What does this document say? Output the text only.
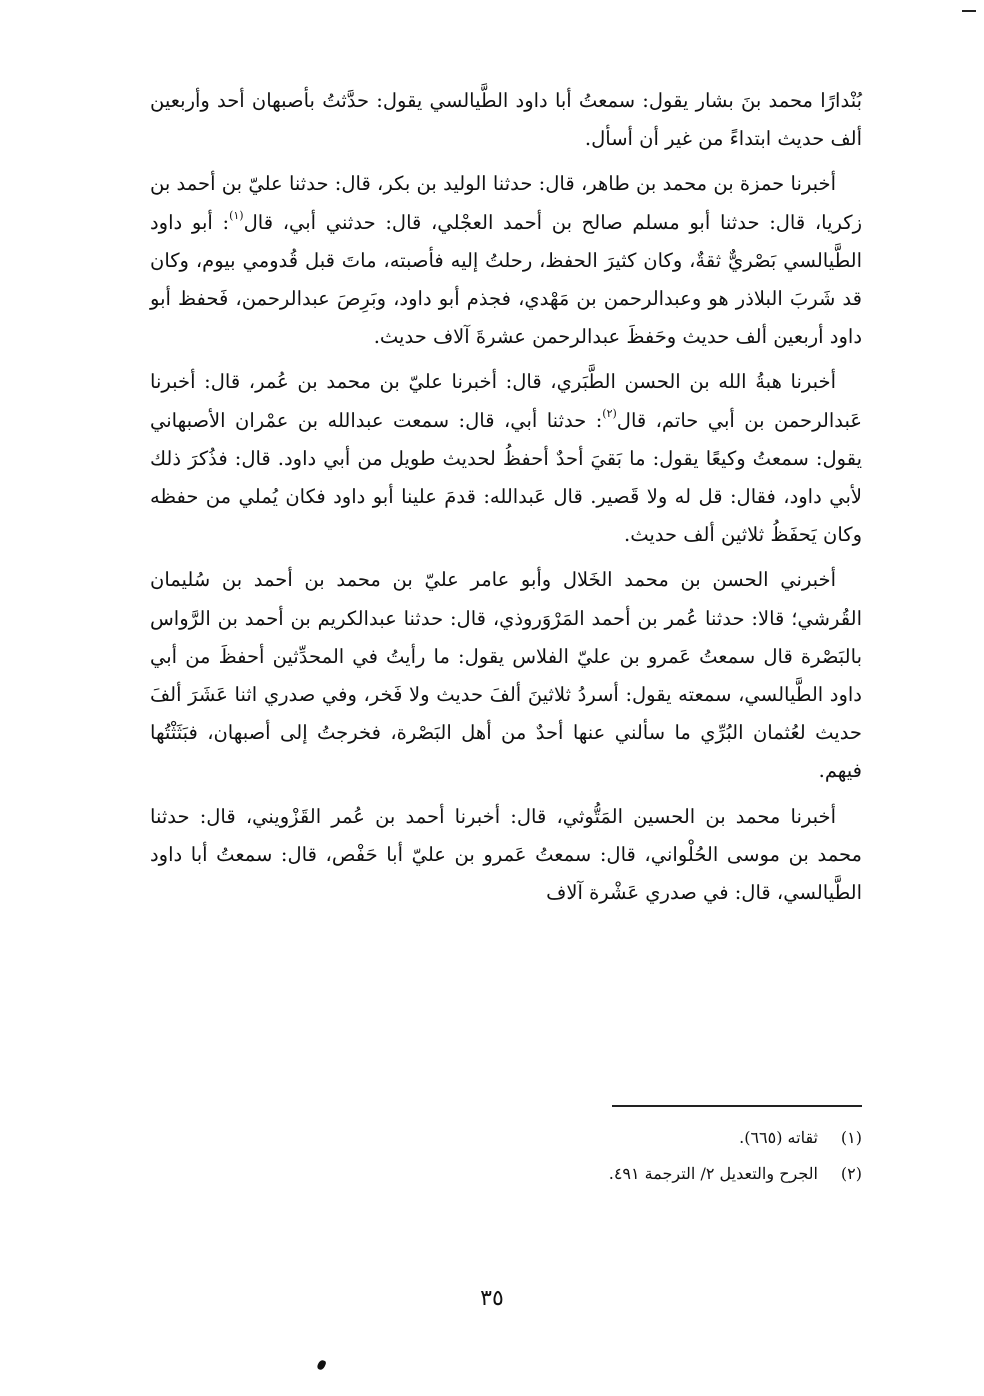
بُنْدارًا محمد بنَ بشار يقول: سمعتُ أبا داود الطَّيالسي يقول: حدَّثتُ بأصبهان أحد وأربعين ألف حديث ابتداءً من غير أن أسأل.

أخبرنا حمزة بن محمد بن طاهر، قال: حدثنا الوليد بن بكر، قال: حدثنا عليّ بن أحمد بن زكريا، قال: حدثنا أبو مسلم صالح بن أحمد العجْلي، قال: حدثني أبي، قال$^{(١)}$: أبو داود الطَّيالسي بَصْريٌّ ثقةٌ، وكان كثيرَ الحفظ، رحلتُ إليه فأصبته، ماتَ قبل قُدومي بيوم، وكان قد شَربَ البلاذر هو وعبدالرحمن بن مَهْدي، فجذم أبو داود، وبَرِصَ عبدالرحمن، فَحفظ أبو داود أربعين ألف حديث وحَفظَ عبدالرحمن عشرةَ آلاف حديث.

أخبرنا هبةُ الله بن الحسن الطَّبَري، قال: أخبرنا عليّ بن محمد بن عُمر، قال: أخبرنا عَبدالرحمن بن أبي حاتم، قال$^{(٢)}$: حدثنا أبي، قال: سمعت عبدالله بن عمْران الأصبهاني يقول: سمعتُ وكيعًا يقول: ما بَقيَ أحدٌ أحفظُ لحديث طويل من أبي داود. قال: فذُكرَ ذلك لأبي داود، فقال: قل له ولا قَصير. قال عَبدالله: قدمَ علينا أبو داود فكان يُملي من حفظه وكان يَحفَظُ ثلاثين ألف حديث.

أخبرني الحسن بن محمد الخَلال وأبو عامر عليّ بن محمد بن أحمد بن سُليمان القُرشي؛ قالا: حدثنا عُمر بن أحمد المَرْوَروذي، قال: حدثنا عبدالكريم بن أحمد بن الرَّواس بالبَصْرة قال سمعتُ عَمرو بن عليّ الفلاس يقول: ما رأيتُ في المحدِّثين أحفظَ من أبي داود الطَّيالسي، سمعته يقول: أسردُ ثلاثينَ ألفَ حديث ولا فَخر، وفي صدري اثنا عَشَرَ ألفَ حديث لعُثمان البُرِّي ما سألني عنها أحدٌ من أهل البَصْرة، فخرجتُ إلى أصبهان، فبَثَثْتُها فيهم.

أخبرنا محمد بن الحسين المَتُّوثي، قال: أخبرنا أحمد بن عُمر القَزْويني، قال: حدثنا محمد بن موسى الحُلْواني، قال: سمعتُ عَمرو بن عليّ أبا حَفْص، قال: سمعتُ أبا داود الطَّيالسي، قال: في صدري عَشْرة آلاف

(١)ثقاته (٦٦٥).
(٢)الجرح والتعديل ٢/ الترجمة ٤٩١.
٣٥
